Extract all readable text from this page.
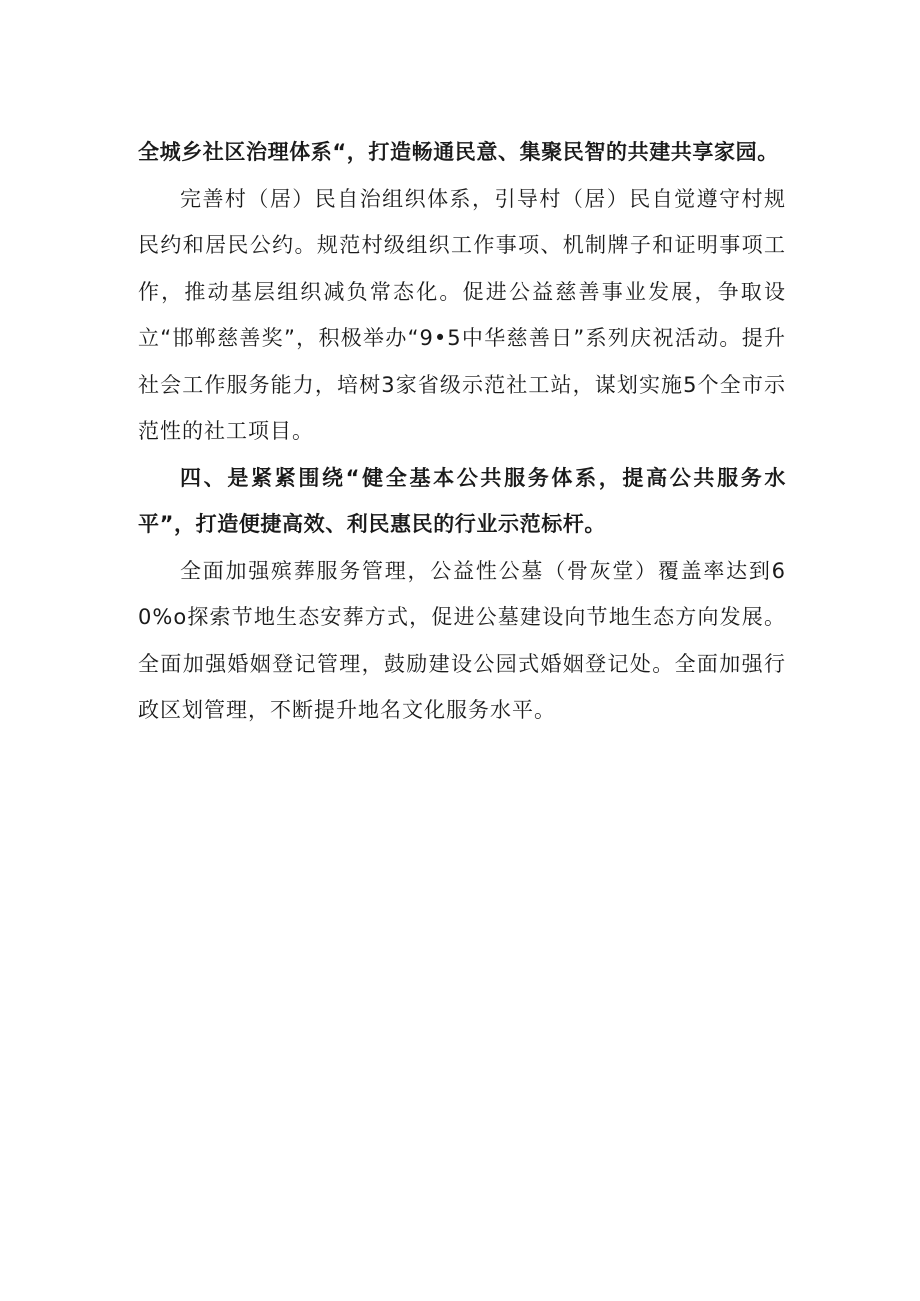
全城乡社区治理体系“，打造畅通民意、集聚民智的共建共享家园。

完善村（居）民自治组织体系，引导村（居）民自觉遵守村规民约和居民公约。规范村级组织工作事项、机制牌子和证明事项工作，推动基层组织减负常态化。促进公益慈善事业发展，争取设立“邯郸慈善奖”，积极举办“9•5中华慈善日”系列庆祝活动。提升社会工作服务能力，培树3家省级示范社工站，谋划实施5个全市示范性的社工项目。

四、是紧紧围绕“健全基本公共服务体系，提高公共服务水平”，打造便捷高效、利民惠民的行业示范标杆。

全面加强殡葬服务管理，公益性公墓（骨灰堂）覆盖率达到60%o探索节地生态安葬方式，促进公墓建设向节地生态方向发展。全面加强婚姻登记管理，鼓励建设公园式婚姻登记处。全面加强行政区划管理，不断提升地名文化服务水平。
